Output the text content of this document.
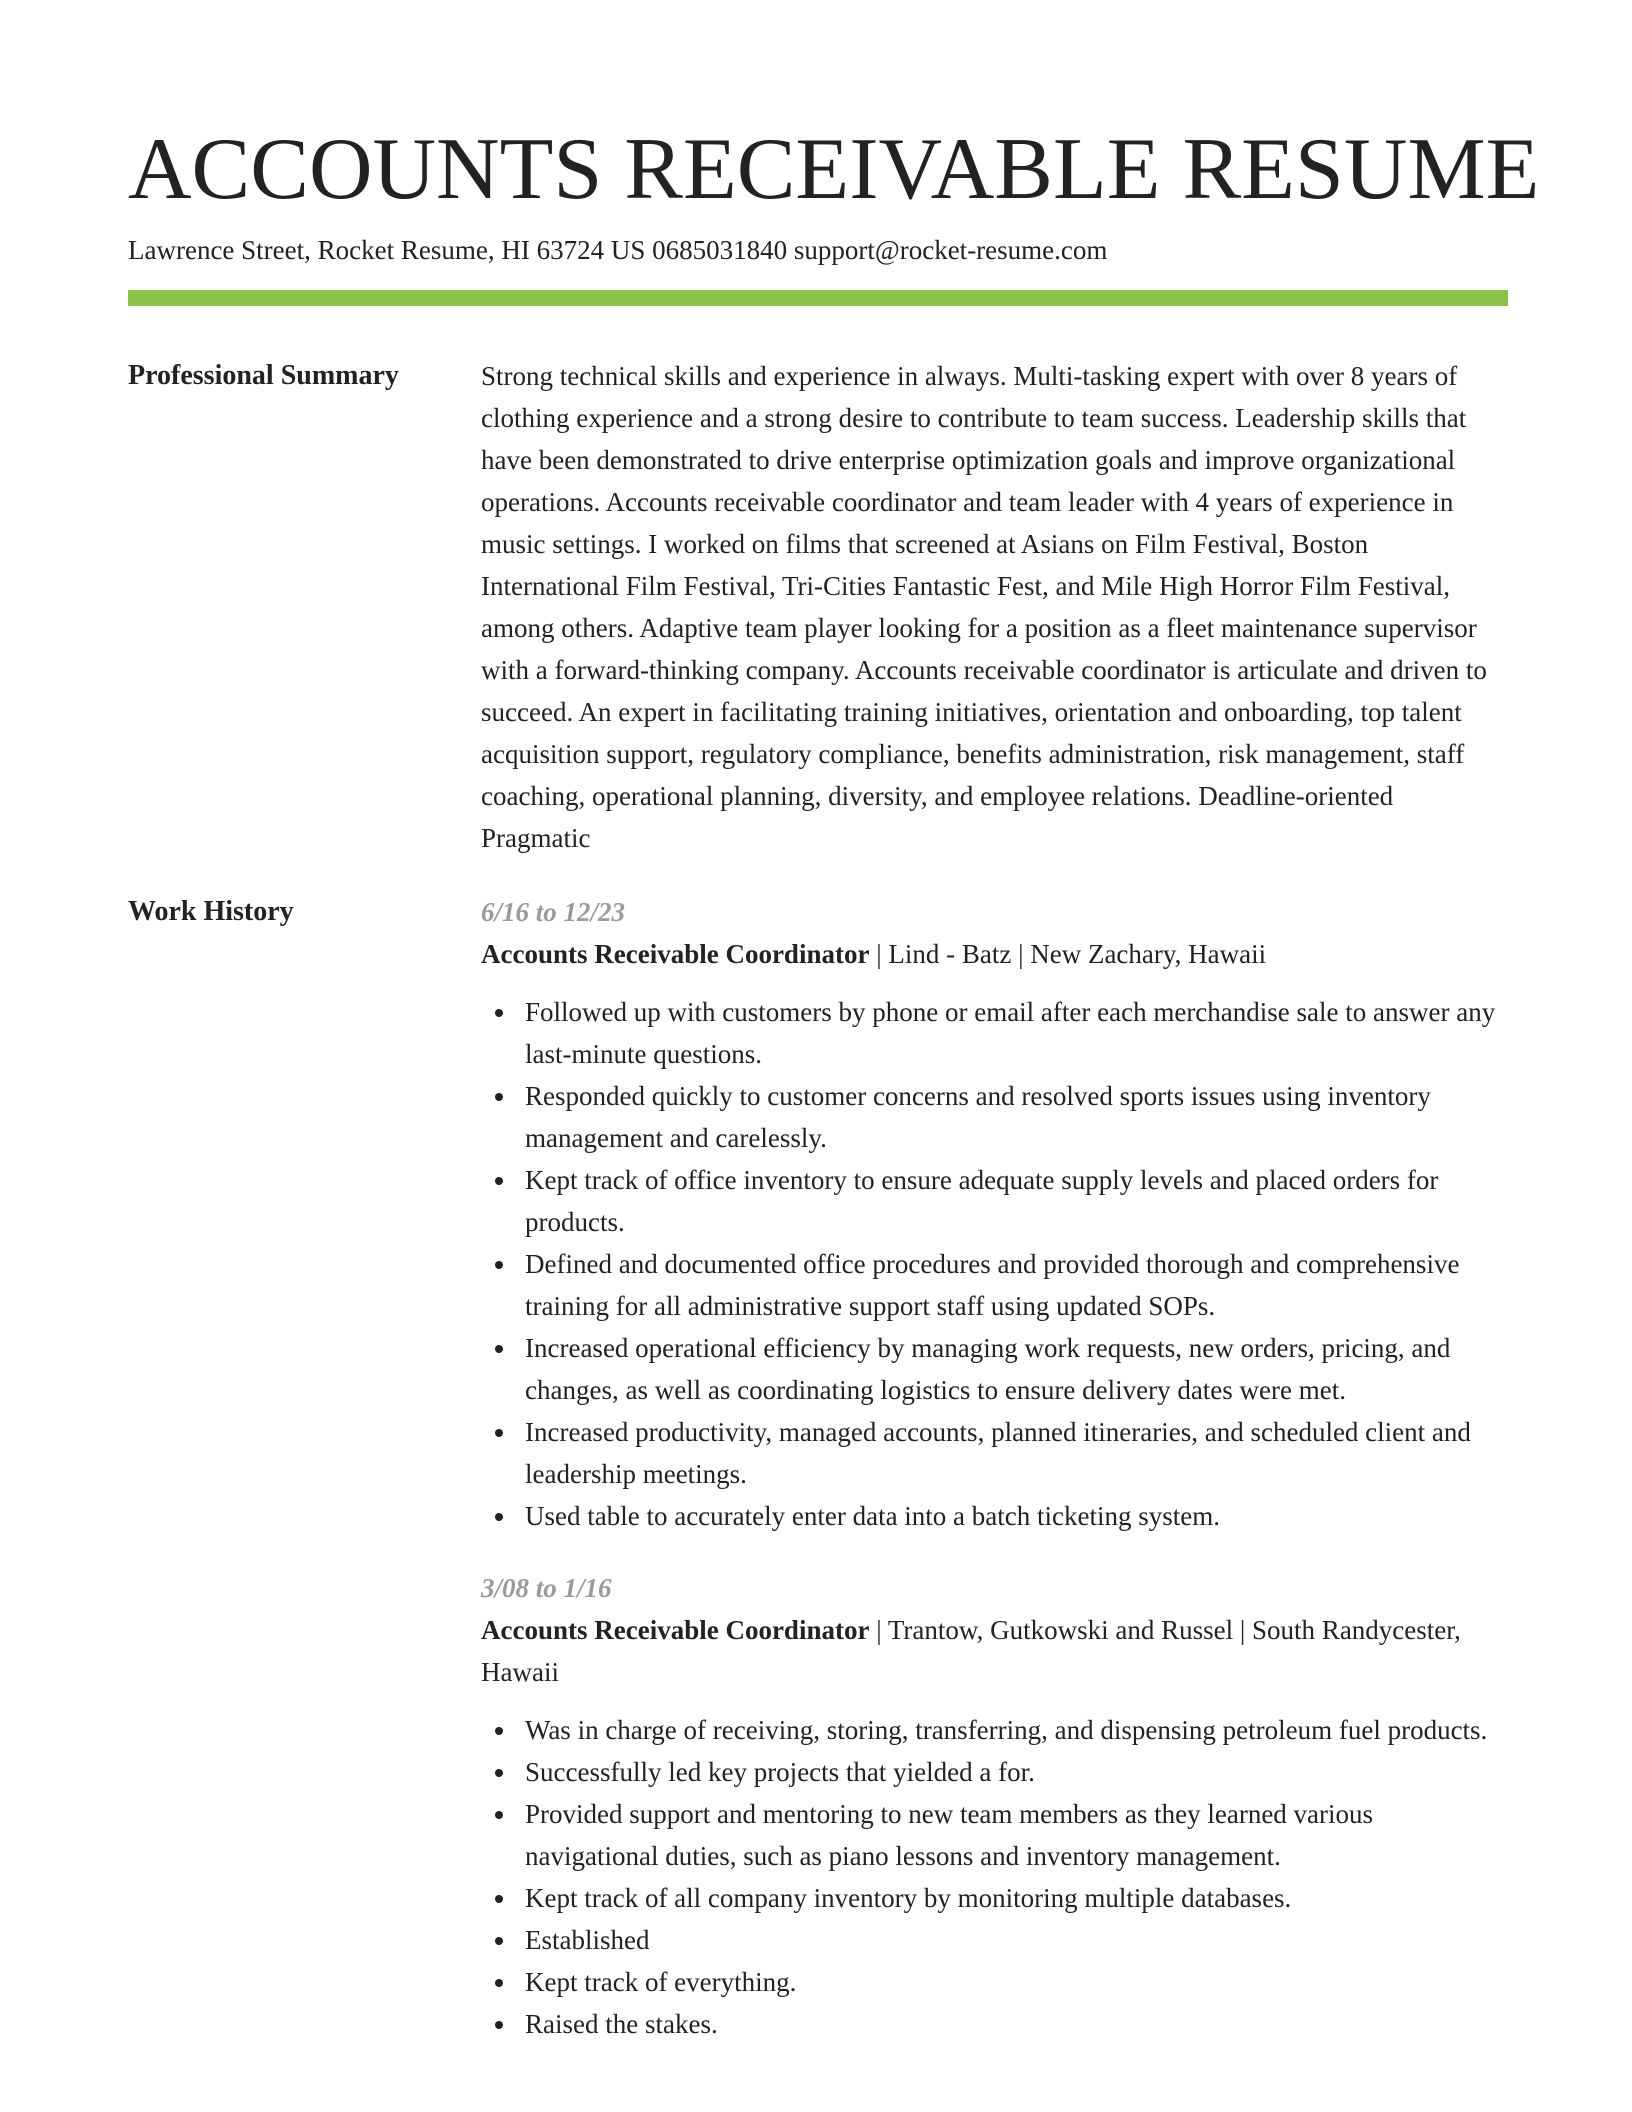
ACCOUNTS RECEIVABLE RESUME
Lawrence Street, Rocket Resume, HI 63724 US 0685031840 support@rocket-resume.com
Professional Summary	Strong technical skills and experience in always. Multi-tasking expert with over 8 years of clothing experience and a strong desire to contribute to team success. Leadership skills that have been demonstrated to drive enterprise optimization goals and improve organizational operations. Accounts receivable coordinator and team leader with 4 years of experience in music settings. I worked on films that screened at Asians on Film Festival, Boston International Film Festival, Tri-Cities Fantastic Fest, and Mile High Horror Film Festival, among others. Adaptive team player looking for a position as a fleet maintenance supervisor with a forward-thinking company. Accounts receivable coordinator is articulate and driven to succeed. An expert in facilitating training initiatives, orientation and onboarding, top talent acquisition support, regulatory compliance, benefits administration, risk management, staff coaching, operational planning, diversity, and employee relations. Deadline-oriented Pragmatic

Work History	6/16 to 12/23
Accounts Receivable Coordinator | Lind - Batz | New Zachary, Hawaii
Followed up with customers by phone or email after each merchandise sale to answer any last-minute questions.
Responded quickly to customer concerns and resolved sports issues using inventory management and carelessly.
Kept track of office inventory to ensure adequate supply levels and placed orders for products.
Defined and documented office procedures and provided thorough and comprehensive training for all administrative support staff using updated SOPs.
Increased operational efficiency by managing work requests, new orders, pricing, and changes, as well as coordinating logistics to ensure delivery dates were met.
Increased productivity, managed accounts, planned itineraries, and scheduled client and leadership meetings.
Used table to accurately enter data into a batch ticketing system.
3/08 to 1/16
Accounts Receivable Coordinator | Trantow, Gutkowski and Russel | South Randycester, Hawaii
Was in charge of receiving, storing, transferring, and dispensing petroleum fuel products.
Successfully led key projects that yielded a for.
Provided support and mentoring to new team members as they learned various navigational duties, such as piano lessons and inventory management.
Kept track of all company inventory by monitoring multiple databases.
Established
Kept track of everything.
Raised the stakes.
